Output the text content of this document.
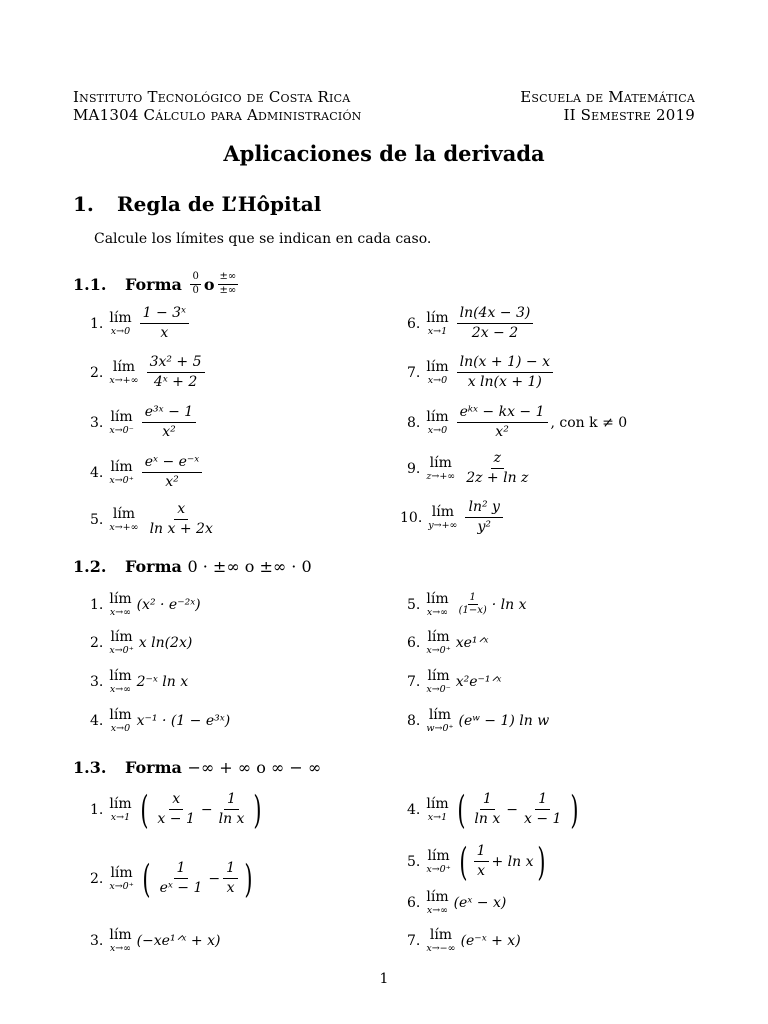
Instituto Tecnológico de Costa Rica
MA1304 Cálculo para Administración
Escuela de Matemática
II Semestre 2019
Aplicaciones de la derivada
1. Regla de L’Hôpital
Calcule los límites que se indican en cada caso.
1.1.	Forma
$\frac{0}{0}$ o $\frac{\pm\infty}{\pm\infty}$
1. lím
$x\to 0 \frac{\text{1 − 3ˣ}}{x}$
2. lím
$x\to+\infty \frac{\text{3x² + 5}}{\text{4ˣ + 2}}$
3. lím
$x\to 0^- \frac{\text{e³ˣ − 1}}{\text{x²}}$
4. lím
$x\to 0^+ \frac{\text{eˣ − e⁻ˣ}}{\text{x²}}$
5. lím
$x\to+\infty \frac{x}{\text{ln x + 2x}}$
6. lím
$x\to 1 \frac{\ln(4x - 3)}{2x - 2}$
7. lím
$x\to 0 \frac{\ln(x + 1) - x}{\text{x ln(x + 1)}}$
8. lím
$x\to 0 \frac{\text{eᵏˣ − kx − 1}}{\text{x²}}$ , con k ≠ 0
9. lím
$z\to+\infty \frac{z}{\text{2z + ln z}}$
10. lím
$y\to+\infty \frac{\text{ln² y}}{\text{y²}}$
1.2. Forma 0 · ±∞ o ±∞ · 0
1. lím
x→∞ (x² · e⁻²ˣ)
2. lím
x→0⁺ x ln(2x)
3. lím
x→∞ 2⁻ˣ ln x
4. lím
x→0 x⁻¹ · (1 − e³ˣ)
5. lím
$x\to\infty \frac{1}{(1-x)} \cdot \ln x$
6. lím
x→0⁺ xe¹ᐟˣ
7. lím
x→0⁻ x²e⁻¹ᐟˣ
8. lím
w→0⁺ (eʷ − 1) ln w
1.3. Forma −∞ + ∞ o ∞ − ∞
1. lím
x→1 ( $\frac{x}{x - 1} - \frac{1}{\text{ln x}}$ )
2. lím
x→0⁺ ( $\frac{1}{\text{eˣ − 1}} - \frac{1}{x}$ )
3. lím
x→∞ (−xe¹ᐟˣ + x)
4. lím
x→1 ( $\frac{1}{\text{ln x}} - \frac{1}{x - 1}$ )
5. lím
x→0⁺ ( $\frac{1}{x} + \ln x$ )
6. lím
x→∞ (eˣ − x)
7. lím
x→−∞ (e⁻ˣ + x)
1
